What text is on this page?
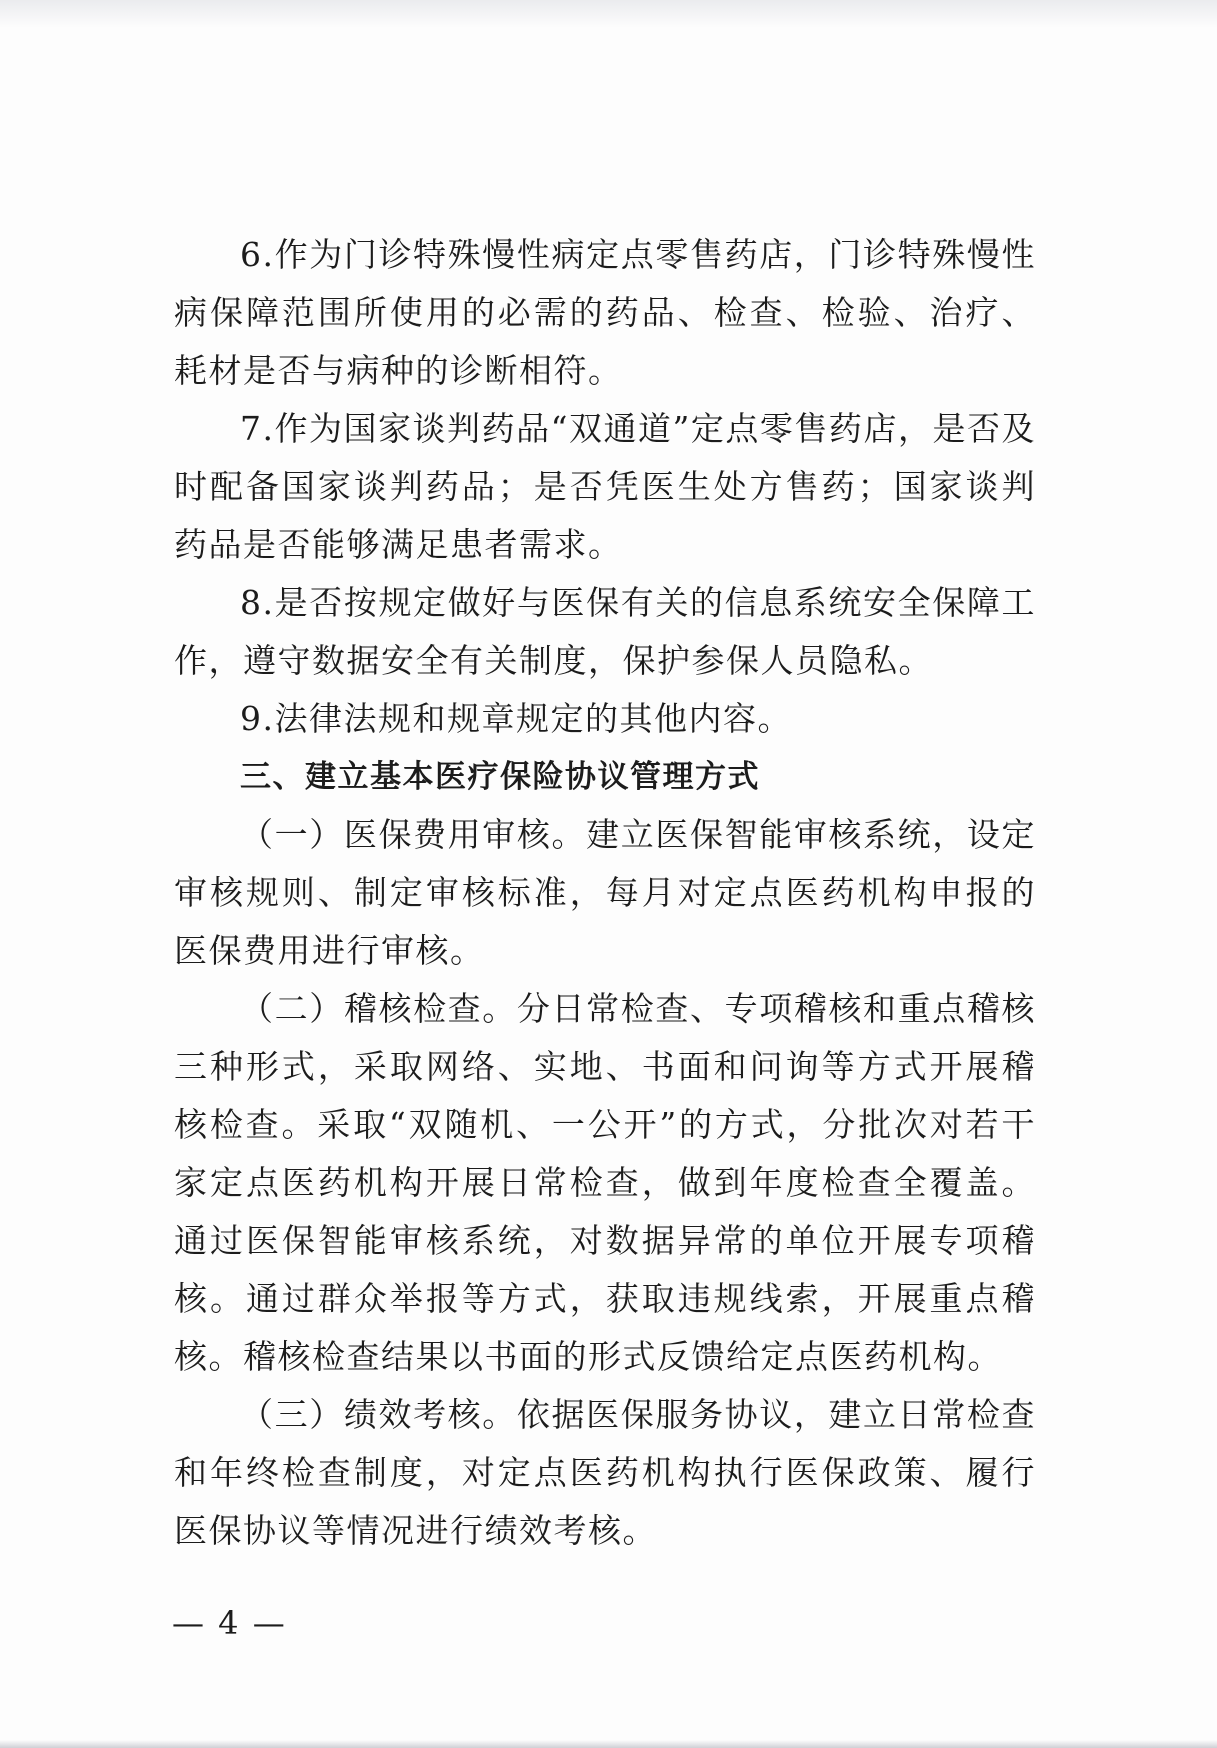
6.作为门诊特殊慢性病定点零售药店，门诊特殊慢性病保障范围所使用的必需的药品、检查、检验、治疗、耗材是否与病种的诊断相符。

7.作为国家谈判药品“双通道”定点零售药店，是否及时配备国家谈判药品；是否凭医生处方售药；国家谈判药品是否能够满足患者需求。

8.是否按规定做好与医保有关的信息系统安全保障工作，遵守数据安全有关制度，保护参保人员隐私。

9.法律法规和规章规定的其他内容。

三、建立基本医疗保险协议管理方式

（一）医保费用审核。建立医保智能审核系统，设定审核规则、制定审核标准，每月对定点医药机构申报的医保费用进行审核。

（二）稽核检查。分日常检查、专项稽核和重点稽核三种形式，采取网络、实地、书面和问询等方式开展稽核检查。采取“双随机、一公开”的方式，分批次对若干家定点医药机构开展日常检查，做到年度检查全覆盖。通过医保智能审核系统，对数据异常的单位开展专项稽核。通过群众举报等方式，获取违规线索，开展重点稽核。稽核检查结果以书面的形式反馈给定点医药机构。

（三）绩效考核。依据医保服务协议，建立日常检查和年终检查制度，对定点医药机构执行医保政策、履行医保协议等情况进行绩效考核。

— 4 —
